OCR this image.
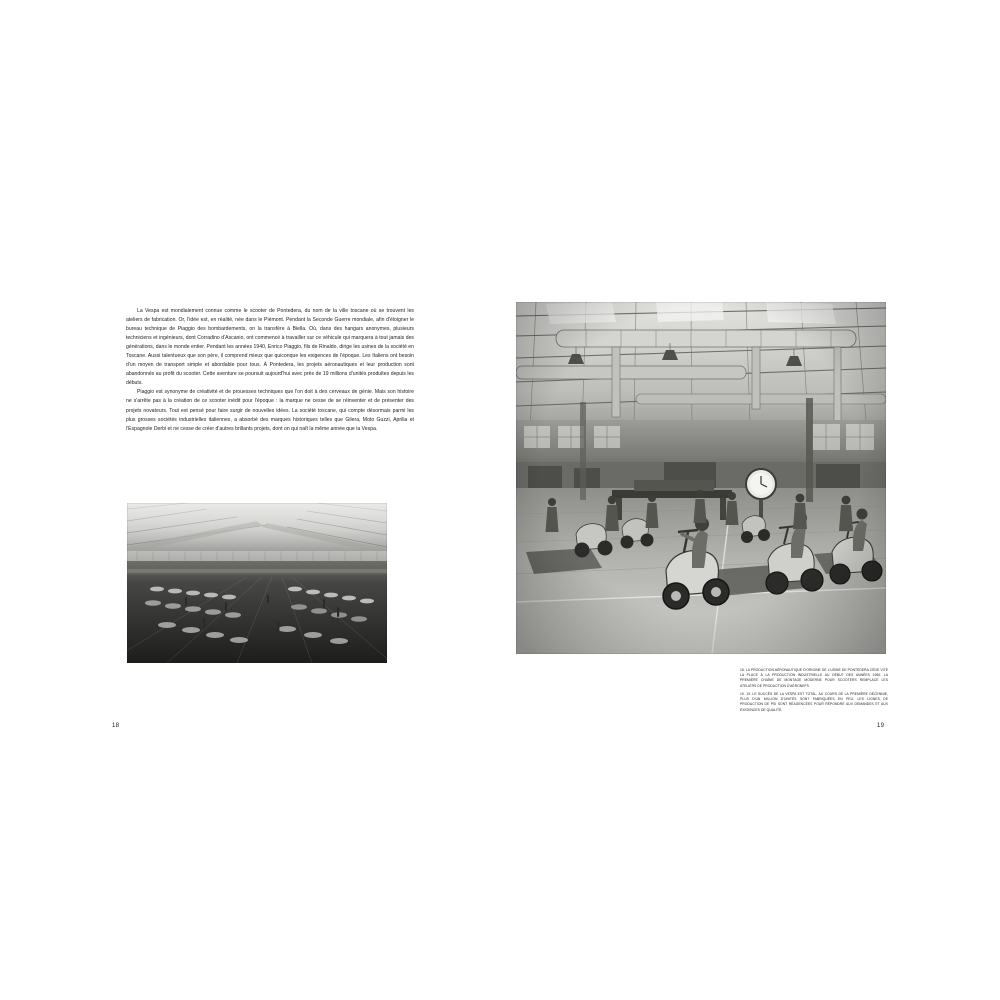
La Vespa est mondialement connue comme le scooter de Pontedera, du nom de la ville toscane où se trouvent les ateliers de fabrication. Or, l'idée est, en réalité, née dans le Piémont. Pendant la Seconde Guerre mondiale, afin d'éloigner le bureau technique de Piaggio des bombardements, on la transfère à Biella. Où, dans des hangars anonymes, plusieurs techniciens et ingénieurs, dont Corradino d'Ascanio, ont commencé à travailler sur ce véhicule qui marquera à tout jamais des générations, dans le monde entier. Pendant les années 1940, Enrico Piaggio, fils de Rinaldo, dirige les usines de la société en Toscane. Aussi talentueux que son père, il comprend mieux que quiconque les exigences de l'époque. Les Italiens ont besoin d'un moyen de transport simple et abordable pour tous. À Pontedera, les projets aéronautiques et leur production sont abandonnés au profit du scooter. Cette aventure se poursuit aujourd'hui avec près de 19 millions d'unités produites depuis les débuts.

Piaggio est synonyme de créativité et de prouesses techniques que l'on doit à des cerveaux de génie. Mais son histoire ne s'arrête pas à la création de ce scooter inédit pour l'époque : la marque ne cesse de se réinventer et de présenter des projets novateurs. Tout est pensé pour faire surgir de nouvelles idées. La société toscane, qui compte désormais parmi les plus grosses sociétés industrielles italiennes, a absorbé des marques historiques telles que Gilera, Moto Guzzi, Aprilia et l'Espagnole Derbi et ne cesse de créer d'autres brillants projets, dont on qui naît la même année que la Vespa.

18
18. LA PRODUCTION AÉRONAUTIQUE D'ORIGINE DE L'USINE DE PONTEDERA CÈDE VITE LA PLACE À LA PRODUCTION INDUSTRIELLE AU DÉBUT DES ANNÉES 1950. LA PREMIÈRE CHAÎNE DE MONTAGE MODERNE POUR SCOOTERS REMPLACE LES ATELIERS DE PRODUCTION D'AÉRONEFS.
19. 19. LE SUCCÈS DE LA VESPA EST TOTAL, AU COURS DE LA PREMIÈRE DÉCENNIE, PLUS D'UN MILLION D'UNITÉS SONT FABRIQUÉES EN PEU. LES LIGNES DE PRODUCTION DE PSI SONT RÉAGENCÉES POUR RÉPONDRE AUX DEMANDES ET AUX EXIGENCES DE QUALITÉ.
19
